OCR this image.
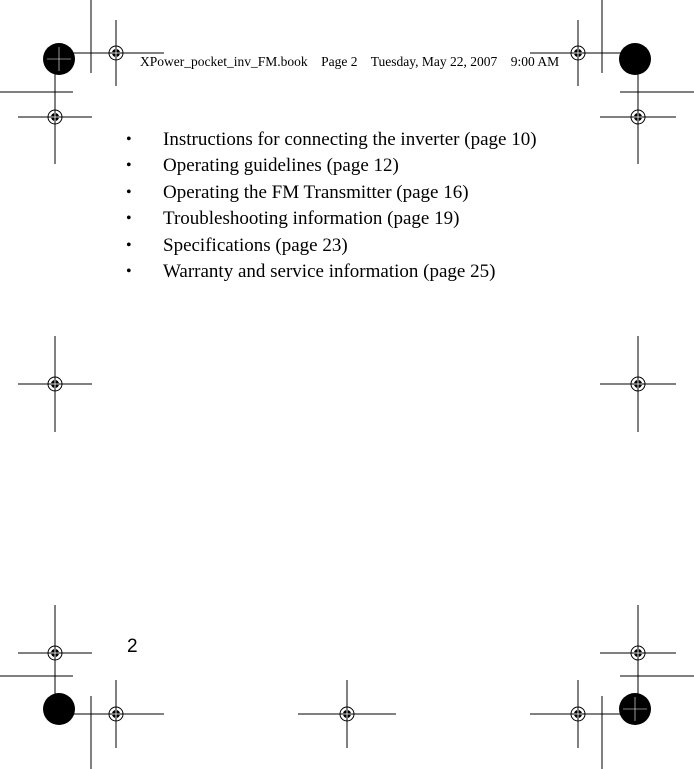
XPower_pocket_inv_FM.book Page 2 Tuesday, May 22, 2007 9:00 AM
• Instructions for connecting the inverter (page 10)
• Operating guidelines (page 12)
• Operating the FM Transmitter (page 16)
• Troubleshooting information (page 19)
• Specifications (page 23)
• Warranty and service information (page 25)
2
